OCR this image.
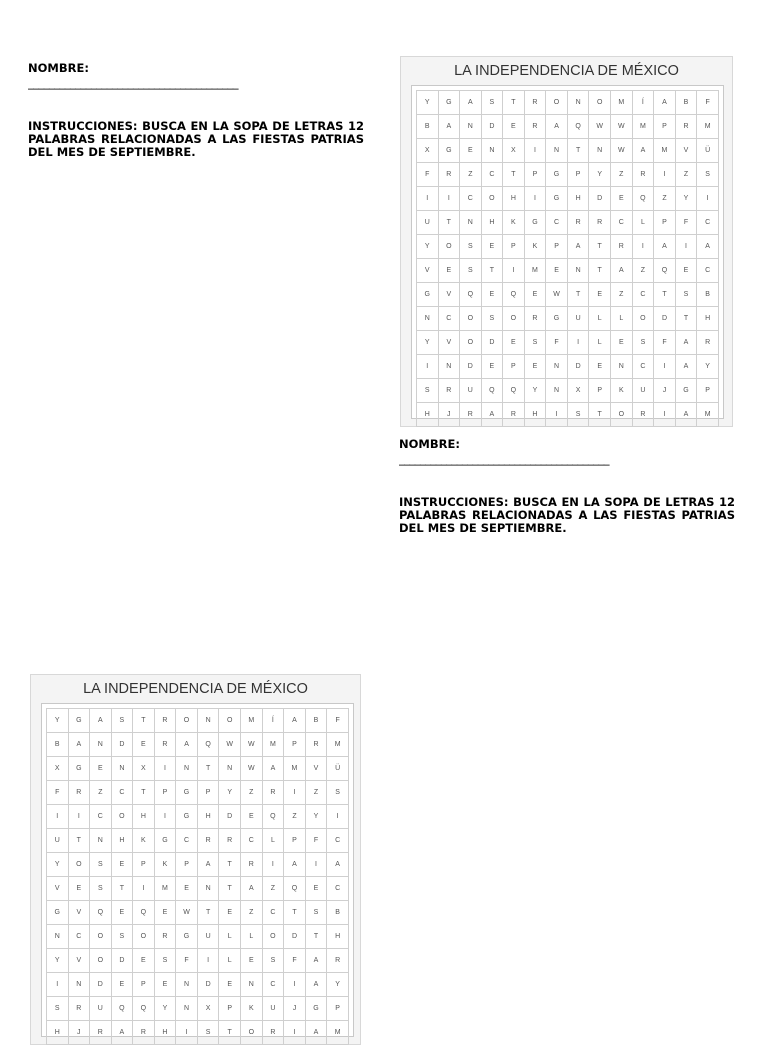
NOMBRE:
________________________________________
INSTRUCCIONES: BUSCA EN LA SOPA DE LETRAS 12 PALABRAS RELACIONADAS A LAS FIESTAS PATRIAS DEL MES DE SEPTIEMBRE.
LA INDEPENDENCIA DE MÉXICO
Y	G	A	S	T	R	O	N	O	M	Í	A	B	F
B	A	N	D	E	R	A	Q	W	W	M	P	R	M
X	G	E	N	X	I	N	T	N	W	A	M	V	Ü
F	R	Z	C	T	P	G	P	Y	Z	R	I	Z	S
I	I	C	O	H	I	G	H	D	E	Q	Z	Y	I
U	T	N	H	K	G	C	R	R	C	L	P	F	C
Y	O	S	E	P	K	P	A	T	R	I	A	I	A
V	E	S	T	I	M	E	N	T	A	Z	Q	E	C
G	V	Q	E	Q	E	W	T	E	Z	C	T	S	B
N	C	O	S	O	R	G	U	L	L	O	D	T	H
Y	V	O	D	E	S	F	I	L	E	S	F	A	R
I	N	D	E	P	E	N	D	E	N	C	I	A	Y
S	R	U	Q	Q	Y	N	X	P	K	U	J	G	P
H	J	R	A	R	H	I	S	T	O	R	I	A	M
NOMBRE:
________________________________________
INSTRUCCIONES: BUSCA EN LA SOPA DE LETRAS 12 PALABRAS RELACIONADAS A LAS FIESTAS PATRIAS DEL MES DE SEPTIEMBRE.
LA INDEPENDENCIA DE MÉXICO
Y	G	A	S	T	R	O	N	O	M	Í	A	B	F
B	A	N	D	E	R	A	Q	W	W	M	P	R	M
X	G	E	N	X	I	N	T	N	W	A	M	V	Ü
F	R	Z	C	T	P	G	P	Y	Z	R	I	Z	S
I	I	C	O	H	I	G	H	D	E	Q	Z	Y	I
U	T	N	H	K	G	C	R	R	C	L	P	F	C
Y	O	S	E	P	K	P	A	T	R	I	A	I	A
V	E	S	T	I	M	E	N	T	A	Z	Q	E	C
G	V	Q	E	Q	E	W	T	E	Z	C	T	S	B
N	C	O	S	O	R	G	U	L	L	O	D	T	H
Y	V	O	D	E	S	F	I	L	E	S	F	A	R
I	N	D	E	P	E	N	D	E	N	C	I	A	Y
S	R	U	Q	Q	Y	N	X	P	K	U	J	G	P
H	J	R	A	R	H	I	S	T	O	R	I	A	M
